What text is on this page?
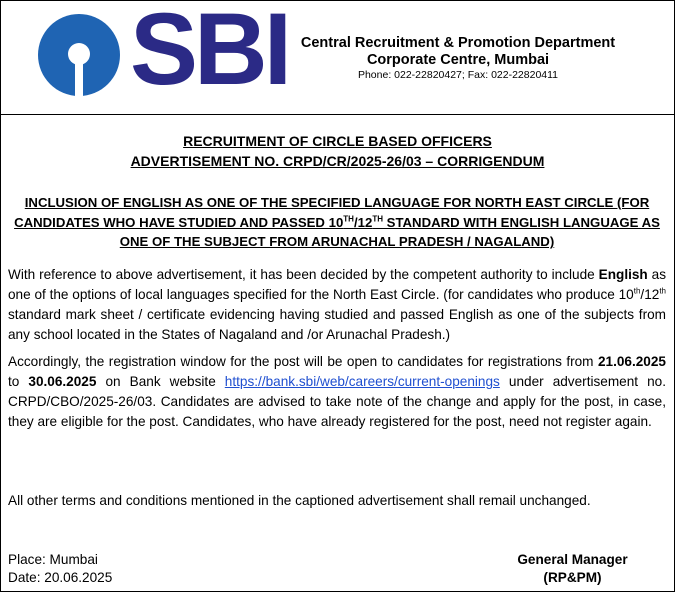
SBI Central Recruitment & Promotion Department
Corporate Centre, Mumbai
Phone: 022-22820427; Fax: 022-22820411
RECRUITMENT OF CIRCLE BASED OFFICERS
ADVERTISEMENT NO. CRPD/CR/2025-26/03 – CORRIGENDUM
INCLUSION OF ENGLISH AS ONE OF THE SPECIFIED LANGUAGE FOR NORTH EAST CIRCLE (FOR CANDIDATES WHO HAVE STUDIED AND PASSED 10TH/12TH STANDARD WITH ENGLISH LANGUAGE AS ONE OF THE SUBJECT FROM ARUNACHAL PRADESH / NAGALAND)
With reference to above advertisement, it has been decided by the competent authority to include English as one of the options of local languages specified for the North East Circle. (for candidates who produce 10th/12th standard mark sheet / certificate evidencing having studied and passed English as one of the subjects from any school located in the States of Nagaland and /or Arunachal Pradesh.)
Accordingly, the registration window for the post will be open to candidates for registrations from 21.06.2025 to 30.06.2025 on Bank website https://bank.sbi/web/careers/current-openings under advertisement no. CRPD/CBO/2025-26/03. Candidates are advised to take note of the change and apply for the post, in case, they are eligible for the post. Candidates, who have already registered for the post, need not register again.
All other terms and conditions mentioned in the captioned advertisement shall remail unchanged.
Place: Mumbai
Date: 20.06.2025
General Manager
(RP&PM)
